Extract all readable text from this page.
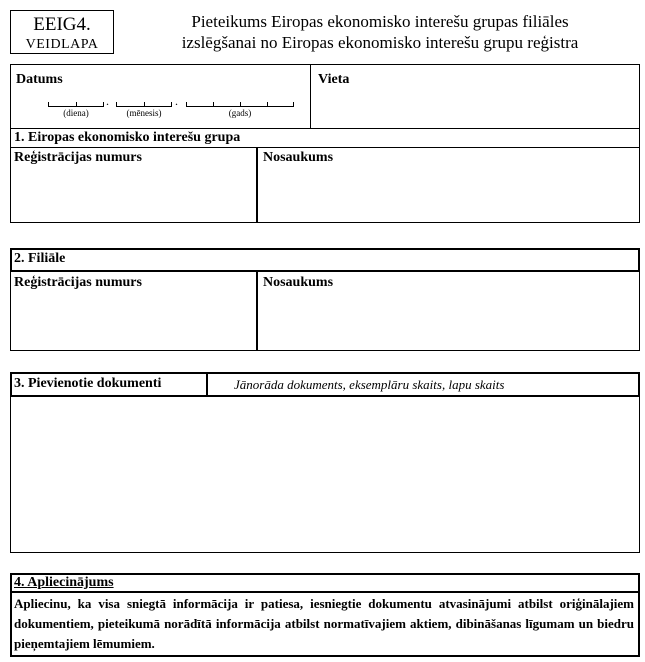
EEIG4.
VEIDLAPA
Pieteikums Eiropas ekonomisko interešu grupas filiāles
izslēgšanai no Eiropas ekonomisko interešu grupu reģistra
Datums	Vieta
.	.
(diena)	(mēnesis)	(gads)
1. Eiropas ekonomisko interešu grupa
Reģistrācijas numurs	Nosaukums
2. Filiāle
Reģistrācijas numurs	Nosaukums
3. Pievienotie dokumenti	Jānorāda dokuments, eksemplāru skaits, lapu skaits
4. Apliecinājums
Apliecinu, ka visa sniegtā informācija ir patiesa, iesniegtie dokumentu atvasinājumi atbilst oriģinālajiem dokumentiem, pieteikumā norādītā informācija atbilst normatīvajiem aktiem, dibināšanas līgumam un biedru pieņemtajiem lēmumiem.
